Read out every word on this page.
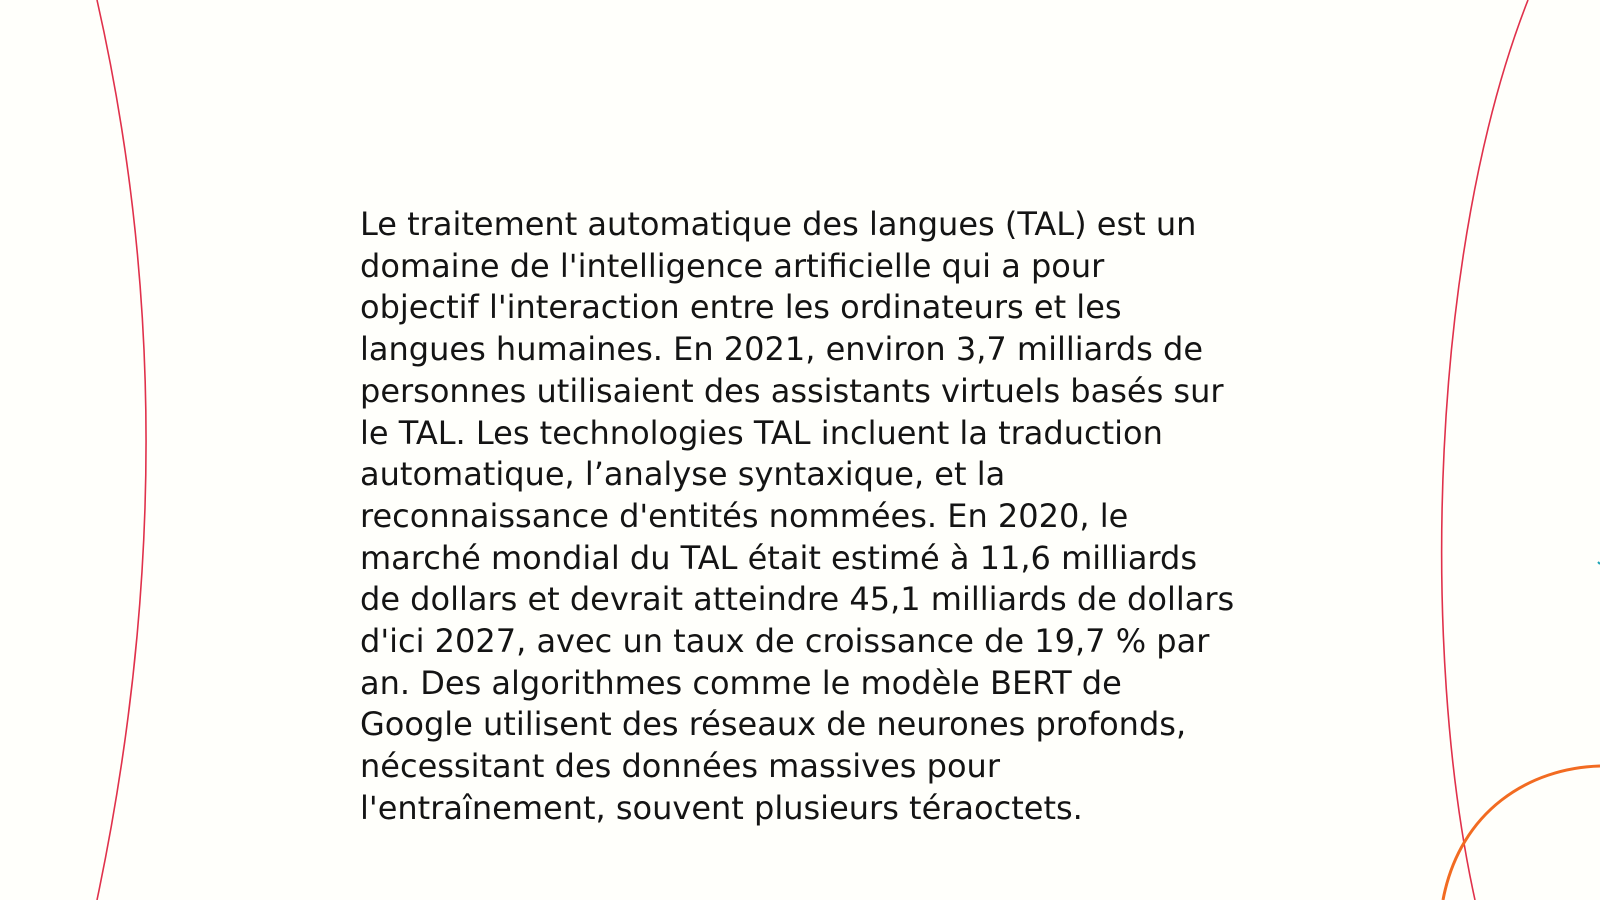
Le traitement automatique des langues (TAL) est un
domaine de l'intelligence artificielle qui a pour
objectif l'interaction entre les ordinateurs et les
langues humaines. En 2021, environ 3,7 milliards de
personnes utilisaient des assistants virtuels basés sur
le TAL. Les technologies TAL incluent la traduction
automatique, l’analyse syntaxique, et la
reconnaissance d'entités nommées. En 2020, le
marché mondial du TAL était estimé à 11,6 milliards
de dollars et devrait atteindre 45,1 milliards de dollars
d'ici 2027, avec un taux de croissance de 19,7 % par
an. Des algorithmes comme le modèle BERT de
Google utilisent des réseaux de neurones profonds,
nécessitant des données massives pour
l'entraînement, souvent plusieurs téraoctets.
